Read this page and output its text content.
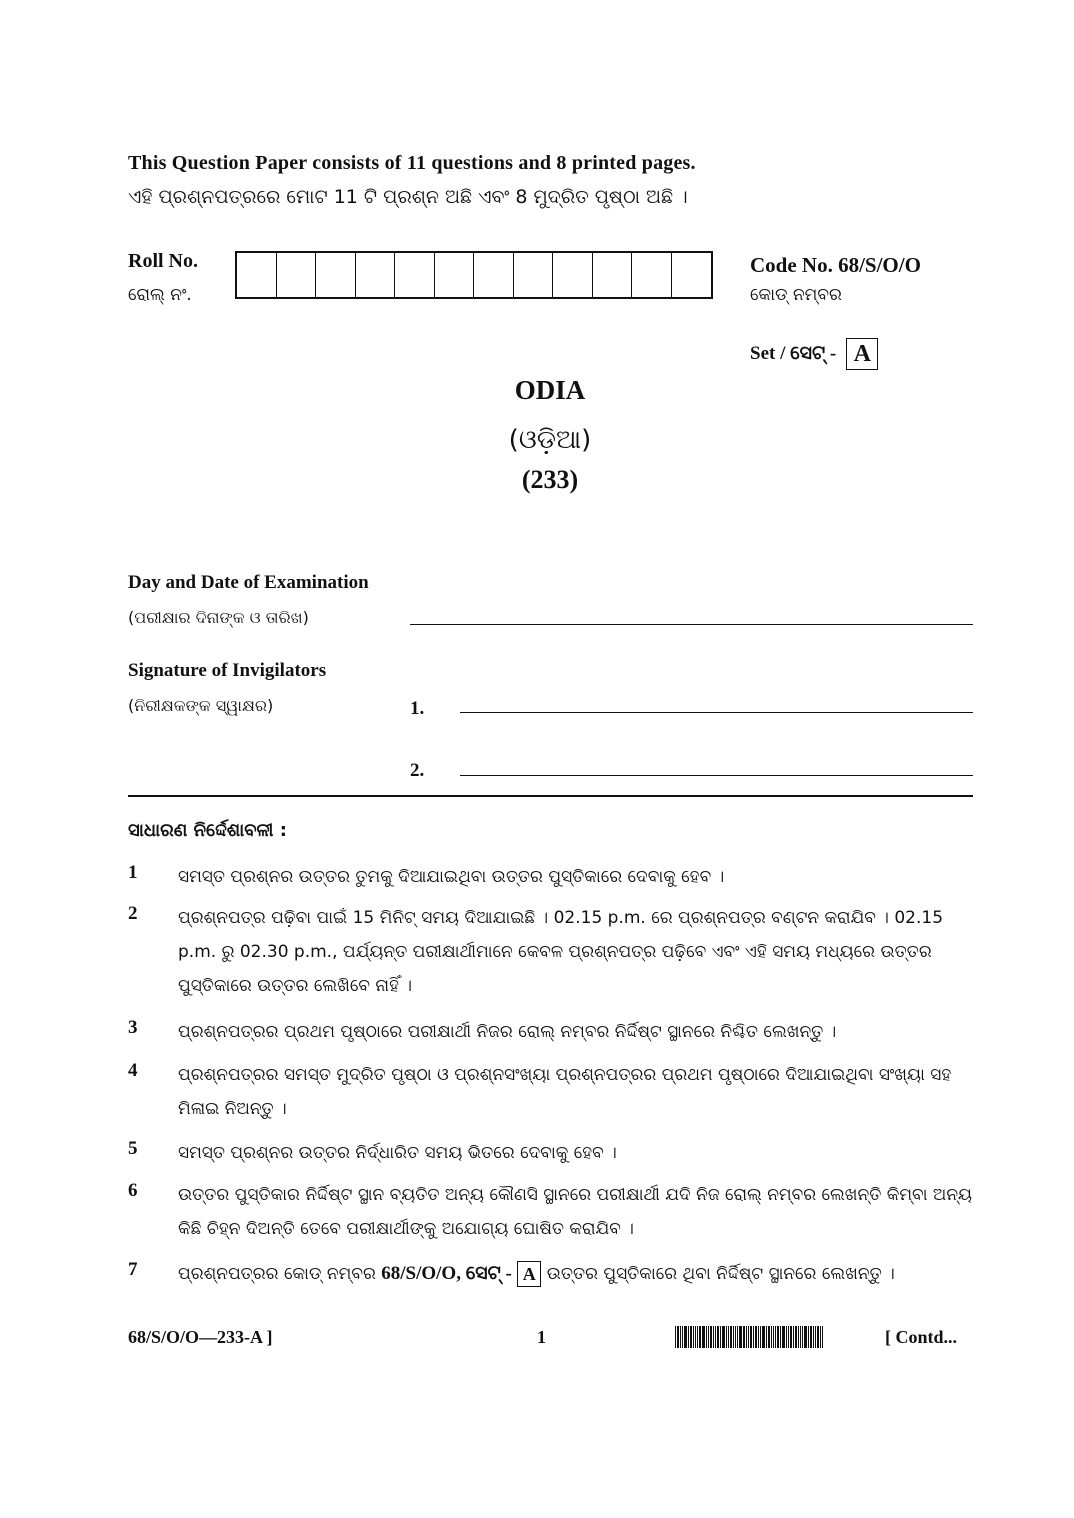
This Question Paper consists of 11 questions and 8 printed pages.
ଏହି ପ୍ରଶ୍ନପତ୍ରରେ ମୋଟ 11 ଟି ପ୍ରଶ୍ନ ଅଛି ଏବଂ 8 ମୁଦ୍ରିତ ପୃଷ୍ଠା ଅଛି ।
Roll No.
ରୋଲ୍ ନଂ.
Code No. 68/S/O/O
କୋଡ୍ ନମ୍ବର
Set / ସେଟ୍ - A
ODIA
(ଓଡ଼ିଆ)
(233)
Day and Date of Examination
(ପରୀକ୍ଷାର ଦିନାଙ୍କ ଓ ତାରିଖ)
Signature of Invigilators
(ନିରୀକ୍ଷକଙ୍କ ସ୍ୱାକ୍ଷର)	1.
2.
ସାଧାରଣ ନିର୍ଦ୍ଦେଶାବଳୀ :
1	ସମସ୍ତ ପ୍ରଶ୍ନର ଉତ୍ତର ତୁମକୁ ଦିଆଯାଇଥିବା ଉତ୍ତର ପୁସ୍ତିକାରେ ଦେବାକୁ ହେବ ।
2	ପ୍ରଶ୍ନପତ୍ର ପଢ଼ିବା ପାଇଁ 15 ମିନିଟ୍ ସମୟ ଦିଆଯାଇଛି । 02.15 p.m. ରେ ପ୍ରଶ୍ନପତ୍ର ବଣ୍ଟନ କରାଯିବ । 02.15 p.m. ରୁ 02.30 p.m., ପର୍ଯ୍ୟନ୍ତ ପରୀକ୍ଷାର୍ଥୀମାନେ କେବଳ ପ୍ରଶ୍ନପତ୍ର ପଢ଼ିବେ ଏବଂ ଏହି ସମୟ ମଧ୍ୟରେ ଉତ୍ତର ପୁସ୍ତିକାରେ ଉତ୍ତର ଲେଖିବେ ନାହିଁ ।
3	ପ୍ରଶ୍ନପତ୍ରର ପ୍ରଥମ ପୃଷ୍ଠାରେ ପରୀକ୍ଷାର୍ଥୀ ନିଜର ରୋଲ୍ ନମ୍ବର ନିର୍ଦ୍ଦିଷ୍ଟ ସ୍ଥାନରେ ନିଶ୍ଚିତ ଲେଖନ୍ତୁ ।
4	ପ୍ରଶ୍ନପତ୍ରର ସମସ୍ତ ମୁଦ୍ରିତ ପୃଷ୍ଠା ଓ ପ୍ରଶ୍ନସଂଖ୍ୟା ପ୍ରଶ୍ନପତ୍ରର ପ୍ରଥମ ପୃଷ୍ଠାରେ ଦିଆଯାଇଥିବା ସଂଖ୍ୟା ସହ ମିଳାଇ ନିଅନ୍ତୁ ।
5	ସମସ୍ତ ପ୍ରଶ୍ନର ଉତ୍ତର ନିର୍ଦ୍ଧାରିତ ସମୟ ଭିତରେ ଦେବାକୁ ହେବ ।
6	ଉତ୍ତର ପୁସ୍ତିକାର ନିର୍ଦ୍ଦିଷ୍ଟ ସ୍ଥାନ ବ୍ୟତିତ ଅନ୍ୟ କୌଣସି ସ୍ଥାନରେ ପରୀକ୍ଷାର୍ଥୀ ଯଦି ନିଜ ରୋଲ୍ ନମ୍ବର ଲେଖନ୍ତି କିମ୍ବା ଅନ୍ୟ କିଛି ଚିହ୍ନ ଦିଅନ୍ତି ତେବେ ପରୀକ୍ଷାର୍ଥୀଙ୍କୁ ଅଯୋଗ୍ୟ ଘୋଷିତ କରାଯିବ ।
7	ପ୍ରଶ୍ନପତ୍ରର କୋଡ୍ ନମ୍ବର 68/S/O/O, ସେଟ୍ - A ଉତ୍ତର ପୁସ୍ତିକାରେ ଥିବା ନିର୍ଦ୍ଦିଷ୍ଟ ସ୍ଥାନରେ ଲେଖନ୍ତୁ ।
68/S/O/O—233-A ]	1	[ Contd...
